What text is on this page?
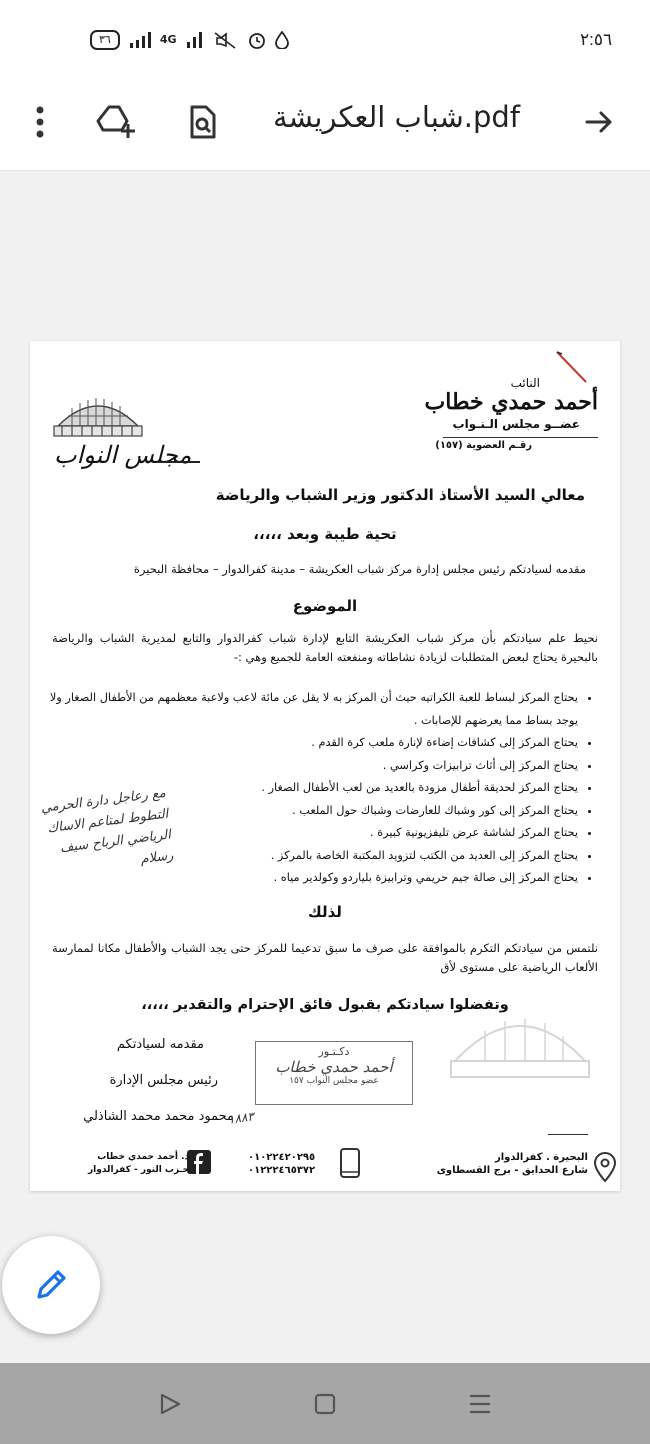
٢:٥٦
٣٦	4G
شباب العكريشة.pdf
النائب
أحمد حمدي خطاب
عضــو مجلس الـنـواب
رقـم العضوية (١٥٧)
مجلس النواب
معالي السيد الأستاذ الدكتور وزير الشباب والرياضة
تحية طيبة وبعد ،،،،،
مقدمه لسيادتكم رئيس مجلس إدارة مركز شباب العكريشة – مدينة كفرالدوار – محافظة البحيرة
الموضوع
نحيط علم سيادتكم بأن مركز شباب العكريشة التابع لإدارة شباب كفرالدوار والتابع لمديرية الشباب والرياضة بالبحيرة يحتاج لبعض المتطلبات لزيادة نشاطاته ومنفعته العامة للجميع وهي :-
• يحتاج المركز لبساط للعبة الكراتيه حيث أن المركز به لا يقل عن مائة لاعب ولاعبة معظمهم من الأطفال الصغار ولا يوجد بساط مما يعرضهم للإصابات .
• يحتاج المركز إلى كشافات إضاءة لإنارة ملعب كرة القدم .
• يحتاج المركز إلى أثاث ترابيزات وكراسي .
• يحتاج المركز لحديقة أطفال مزودة بالعديد من لعب الأطفال الصغار .
• يحتاج المركز إلى كور وشباك للعارضات وشباك حول الملعب .
• يحتاج المركز لشاشة عرض تليفزيونية كبيرة .
• يحتاج المركز إلى العديد من الكتب لتزويد المكتبة الخاصة بالمركز .
• يحتاج المركز إلى صالة جيم حريمي وترابيزة بلياردو وكولدير مياه .
لذلك
نلتمس من سيادتكم التكرم بالموافقة على صرف ما سبق تدعيما للمركز حتى يجد الشباب والأطفال مكانا لممارسة الألعاب الرياضية على مستوى لأق
وتفضلوا سيادتكم بقبول فائق الإحترام والتقدير ،،،،،
مع رعاجل دارة الحرمي التطوط لمتاعم الاساك الرياضي الرباح سيف رسلام
مقدمه لسيادتكم
رئيس مجلس الإدارة
محمود محمد محمد الشاذلي
دكـتـور
أحمد حمدي خطاب
عضو مجلس النواب ١٥٧
١٨٨٣
البحيرة . كفرالدوار
شارع الحدايق - برج القسطاوى
٠١٠٢٢٤٢٠٢٩٥
٠١٢٢٢٤٦٥٣٧٢
د. أحمد حمدي خطاب
حـزب النور - كفرالدوار
